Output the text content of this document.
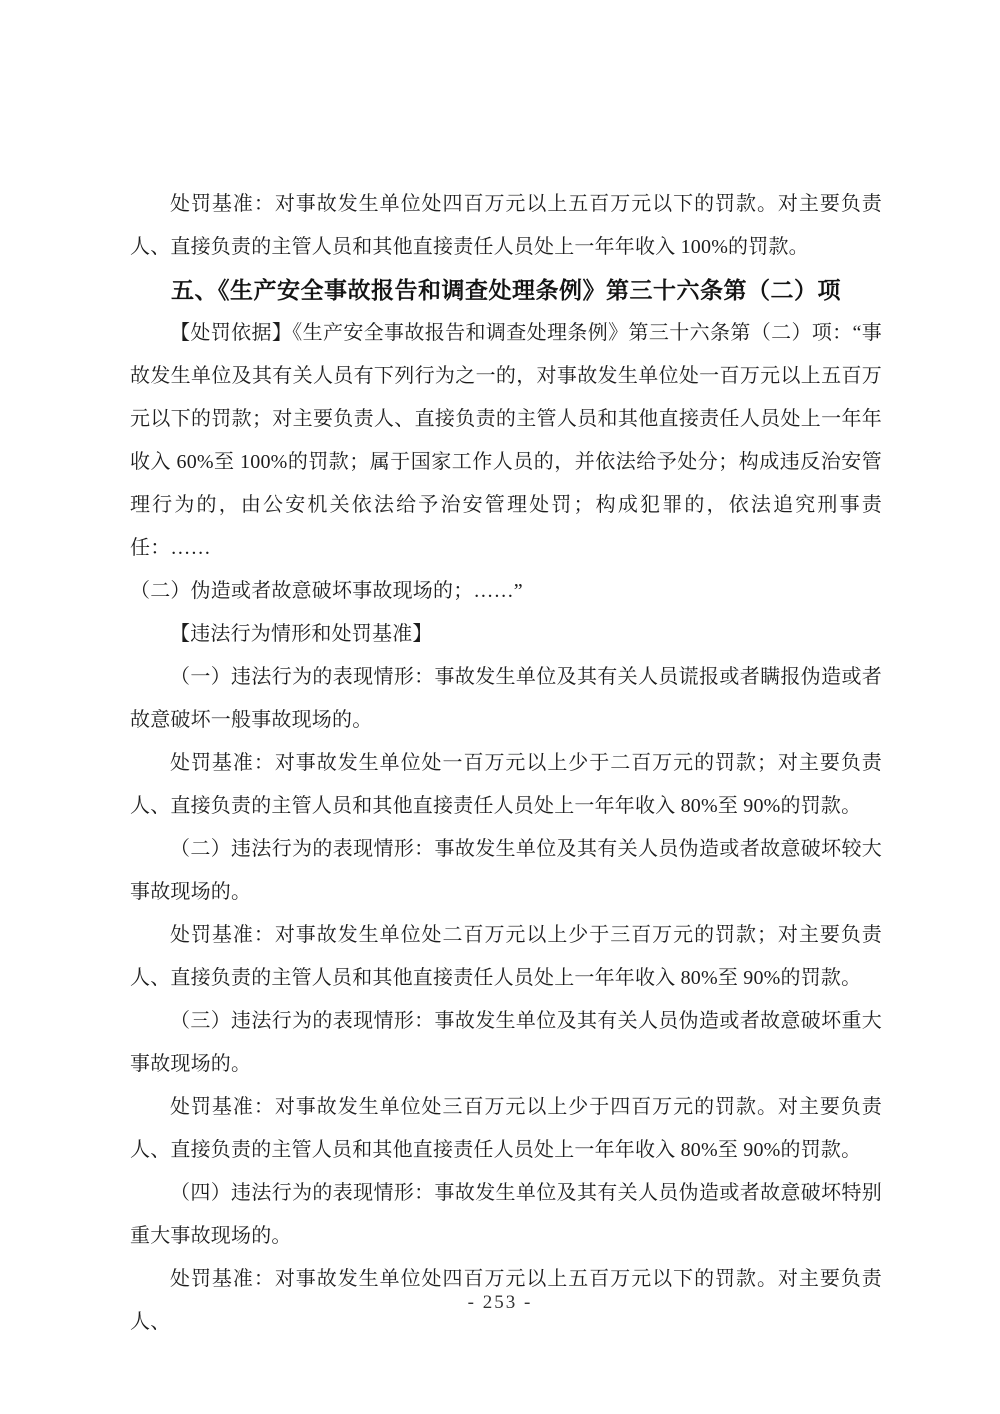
处罚基准：对事故发生单位处四百万元以上五百万元以下的罚款。对主要负责人、直接负责的主管人员和其他直接责任人员处上一年年收入 100%的罚款。

五、《生产安全事故报告和调查处理条例》第三十六条第（二）项

【处罚依据】《生产安全事故报告和调查处理条例》第三十六条第（二）项：“事故发生单位及其有关人员有下列行为之一的，对事故发生单位处一百万元以上五百万元以下的罚款；对主要负责人、直接负责的主管人员和其他直接责任人员处上一年年收入 60%至 100%的罚款；属于国家工作人员的，并依法给予处分；构成违反治安管理行为的，由公安机关依法给予治安管理处罚；构成犯罪的，依法追究刑事责任：……

（二）伪造或者故意破坏事故现场的；……”

【违法行为情形和处罚基准】

（一）违法行为的表现情形：事故发生单位及其有关人员谎报或者瞒报伪造或者故意破坏一般事故现场的。

处罚基准：对事故发生单位处一百万元以上少于二百万元的罚款；对主要负责人、直接负责的主管人员和其他直接责任人员处上一年年收入 80%至 90%的罚款。

（二）违法行为的表现情形：事故发生单位及其有关人员伪造或者故意破坏较大事故现场的。

处罚基准：对事故发生单位处二百万元以上少于三百万元的罚款；对主要负责人、直接负责的主管人员和其他直接责任人员处上一年年收入 80%至 90%的罚款。

（三）违法行为的表现情形：事故发生单位及其有关人员伪造或者故意破坏重大事故现场的。

处罚基准：对事故发生单位处三百万元以上少于四百万元的罚款。对主要负责人、直接负责的主管人员和其他直接责任人员处上一年年收入 80%至 90%的罚款。

（四）违法行为的表现情形：事故发生单位及其有关人员伪造或者故意破坏特别重大事故现场的。

处罚基准：对事故发生单位处四百万元以上五百万元以下的罚款。对主要负责人、

- 253 -
